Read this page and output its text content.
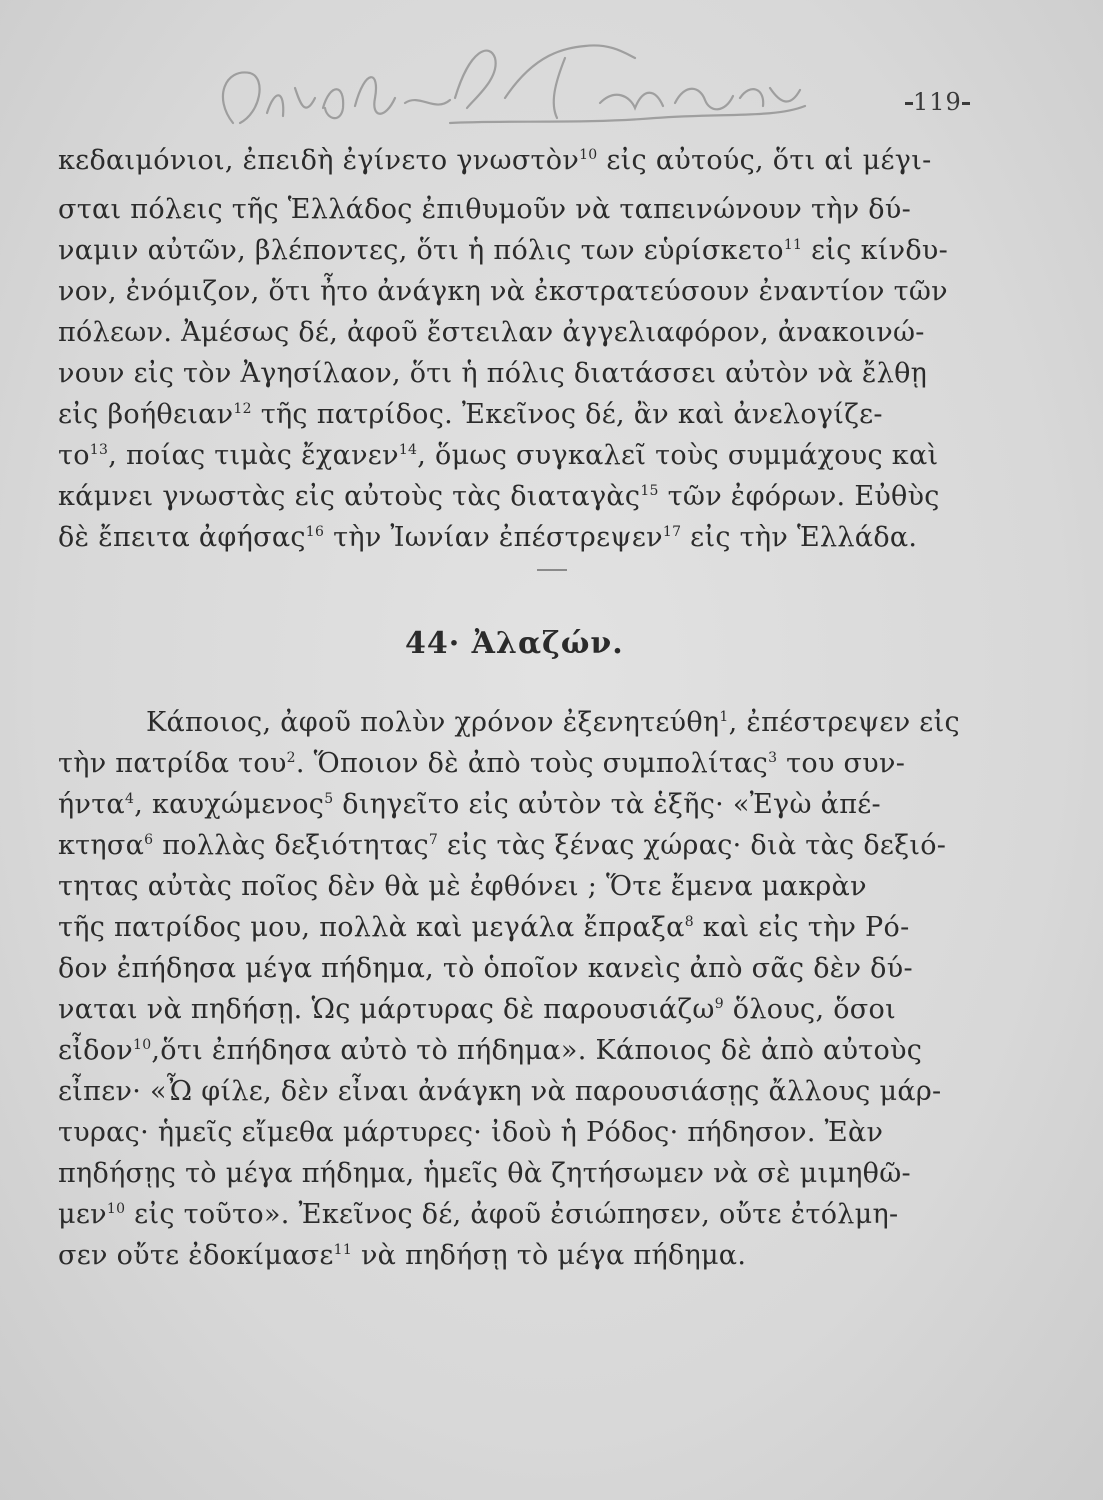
119
κεδαιμόνιοι, ἐπειδὴ ἐγίνετο γνωστὸν$^{10}$ εἰς αὐτούς, ὅτι αἱ μέγι-
σται πόλεις τῆς Ἑλλάδος ἐπιθυμοῦν νὰ ταπεινώνουν τὴν δύ-
ναμιν αὐτῶν, βλέποντες, ὅτι ἡ πόλις των εὑρίσκετο$^{11}$ εἰς κίνδυ-
νον, ἐνόμιζον, ὅτι ἦτο ἀνάγκη νὰ ἐκστρατεύσουν ἐναντίον τῶν
πόλεων. Ἀμέσως δέ, ἀφοῦ ἔστειλαν ἀγγελιαφόρον, ἀνακοινώ-
νουν εἰς τὸν Ἀγησίλαον, ὅτι ἡ πόλις διατάσσει αὐτὸν νὰ ἔλθῃ
εἰς βοήθειαν$^{12}$ τῆς πατρίδος. Ἐκεῖνος δέ, ἂν καὶ ἀνελογίζε-
$\tau o^{13}$, ποίας τιμὰς ἔχανεν$^{14}$, ὅμως συγκαλεῖ τοὺς συμμάχους καὶ
κάμνει γνωστὰς εἰς αὐτοὺς τὰς διαταγὰς$^{15}$ τῶν ἐφόρων. Εὐθὺς
δὲ ἔπειτα ἀφήσας$^{16}$ τὴν Ἰωνίαν ἐπέστρεψεν$^{17}$ εἰς τὴν Ἑλλάδα.
44· Ἀλαζών.
Κάποιος, ἀφοῦ πολὺν χρόνον ἐξενητεύθη$^1$, ἐπέστρεψεν εἰς
τὴν πατρίδα του$^2$. Ὅποιον δὲ ἀπὸ τοὺς συμπολίτας$^3$ του συν-
ήντα$^4$, καυχώμενος$^5$ διηγεῖτο εἰς αὐτὸν τὰ ἑξῆς· «Ἐγὼ ἀπέ-
κτησα$^6$ πολλὰς δεξιότητας$^7$ εἰς τὰς ξένας χώρας· διὰ τὰς δεξιό-
τητας αὐτὰς ποῖος δὲν θὰ μὲ ἐφθόνει ; Ὅτε ἔμενα μακρὰν
τῆς πατρίδος μου, πολλὰ καὶ μεγάλα ἔπραξα$^8$ καὶ εἰς τὴν Ρό-
δον ἐπήδησα μέγα πήδημα, τὸ ὁποῖον κανεὶς ἀπὸ σᾶς δὲν δύ-
ναται νὰ πηδήσῃ. Ὡς μάρτυρας δὲ παρουσιάζω$^9$ ὅλους, ὅσοι
εἶδον$^{10}$,ὅτι ἐπήδησα αὐτὸ τὸ πήδημα». Κάποιος δὲ ἀπὸ αὐτοὺς
εἶπεν· «Ὦ φίλε, δὲν εἶναι ἀνάγκη νὰ παρουσιάσῃς ἄλλους μάρ-
τυρας· ἡμεῖς εἴμεθα μάρτυρες· ἰδοὺ ἡ Ρόδος· πήδησον. Ἐὰν
πηδήσῃς τὸ μέγα πήδημα, ἡμεῖς θὰ ζητήσωμεν νὰ σὲ μιμηθῶ-
μεν$^{10}$ εἰς τοῦτο». Ἐκεῖνος δέ, ἀφοῦ ἐσιώπησεν, οὔτε ἐτόλμη-
σεν οὔτε ἐδοκίμασε$^{11}$ νὰ πηδήσῃ τὸ μέγα πήδημα.
